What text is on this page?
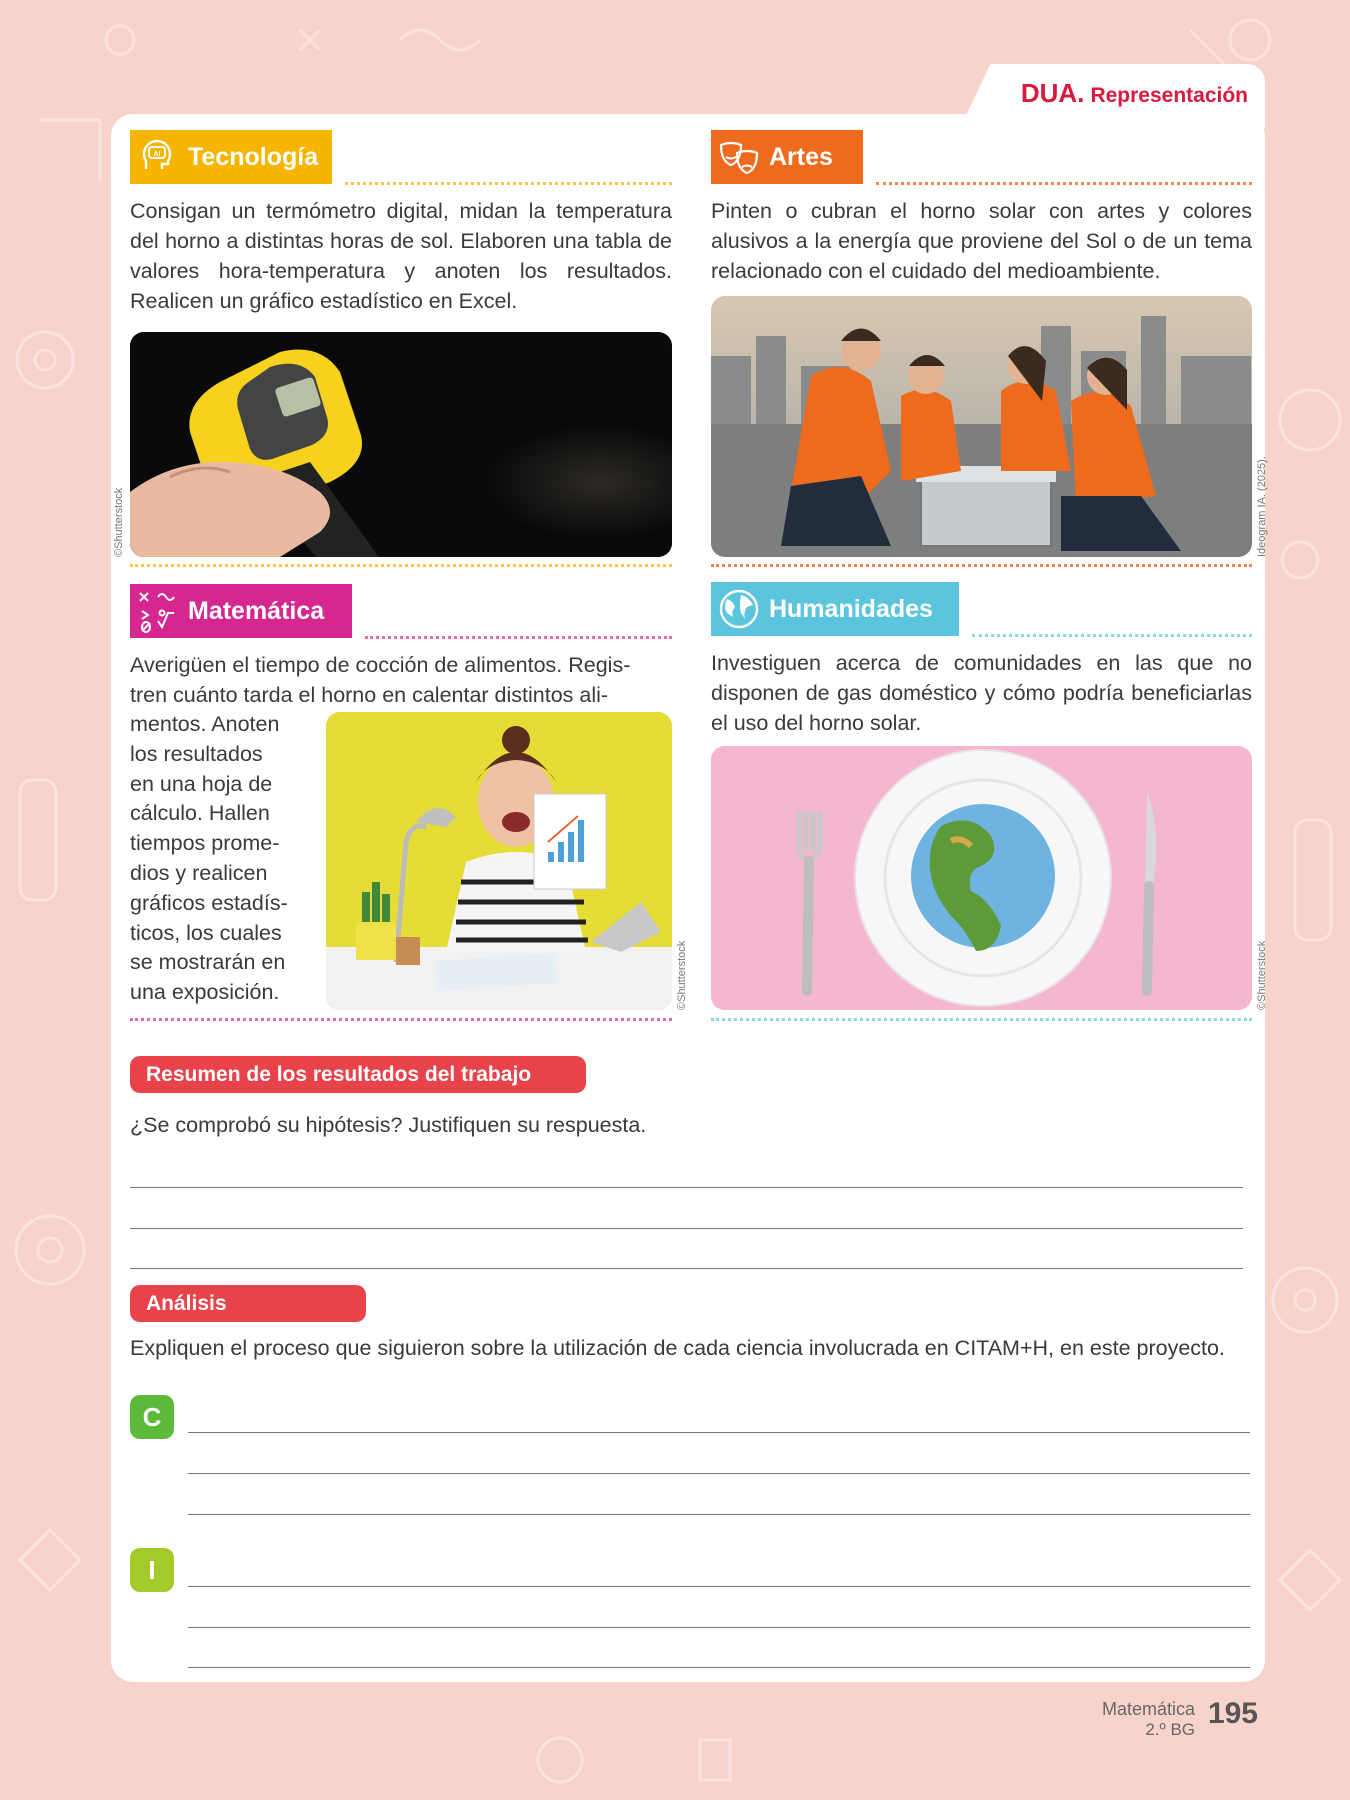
DUA. Representación
AI Tecnología

Consigan un termómetro digital, midan la temperatura del horno a distintas horas de sol. Elaboren una tabla de valores hora-temperatura y anoten los resultados. Realicen un gráfico estadístico en Excel.

©Shutterstock
Artes

Pinten o cubran el horno solar con artes y colores alusivos a la energía que proviene del Sol o de un tema relacionado con el cuidado del medioambiente.

Ideogram IA. (2025).
Matemática

Averigüen el tiempo de cocción de alimentos. Regis-

tren cuánto tarda el horno en calentar distintos ali-

mentos. Anoten
los resultados
en una hoja de
cálculo. Hallen
tiempos prome-
dios y realicen
gráficos estadís-
ticos, los cuales
se mostrarán en
una exposición.	©Shutterstock
Humanidades

Investiguen acerca de comunidades en las que no disponen de gas doméstico y cómo podría beneficiarlas el uso del horno solar.

©Shutterstock
Resumen de los resultados del trabajo

¿Se comprobó su hipótesis? Justifiquen su respuesta.

Análisis

Expliquen el proceso que siguieron sobre la utilización de cada ciencia involucrada en CITAM+H, en este proyecto.

C
I
Matemática
2.º BG 195
